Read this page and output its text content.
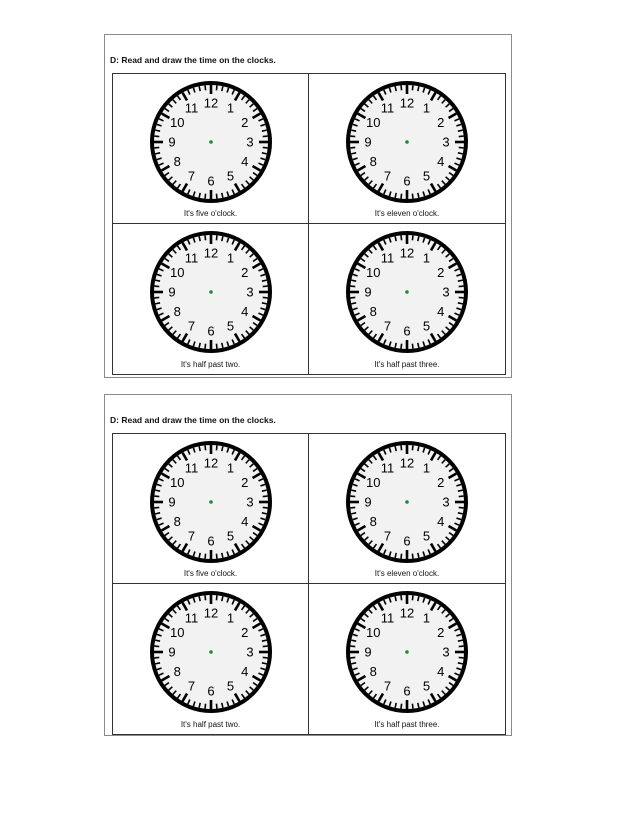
D: Read and draw the time on the clocks.
12 1
2
3
4
5
6
7
8
9
10
11
It's five o'clock.
12 1
2
3
4
5
6
7
8
9
10
11
It's eleven o'clock.
12 1
2
3
4
5
6
7
8
9
10
11
It's half past two.
12 1
2
3
4
5
6
7
8
9
10
11
It's half past three.
D: Read and draw the time on the clocks.
12 1
2
3
4
5
6
7
8
9
10
11
It's five o'clock.
12 1
2
3
4
5
6
7
8
9
10
11
It's eleven o'clock.
12 1
2
3
4
5
6
7
8
9
10
11
It's half past two.
12 1
2
3
4
5
6
7
8
9
10
11
It's half past three.
